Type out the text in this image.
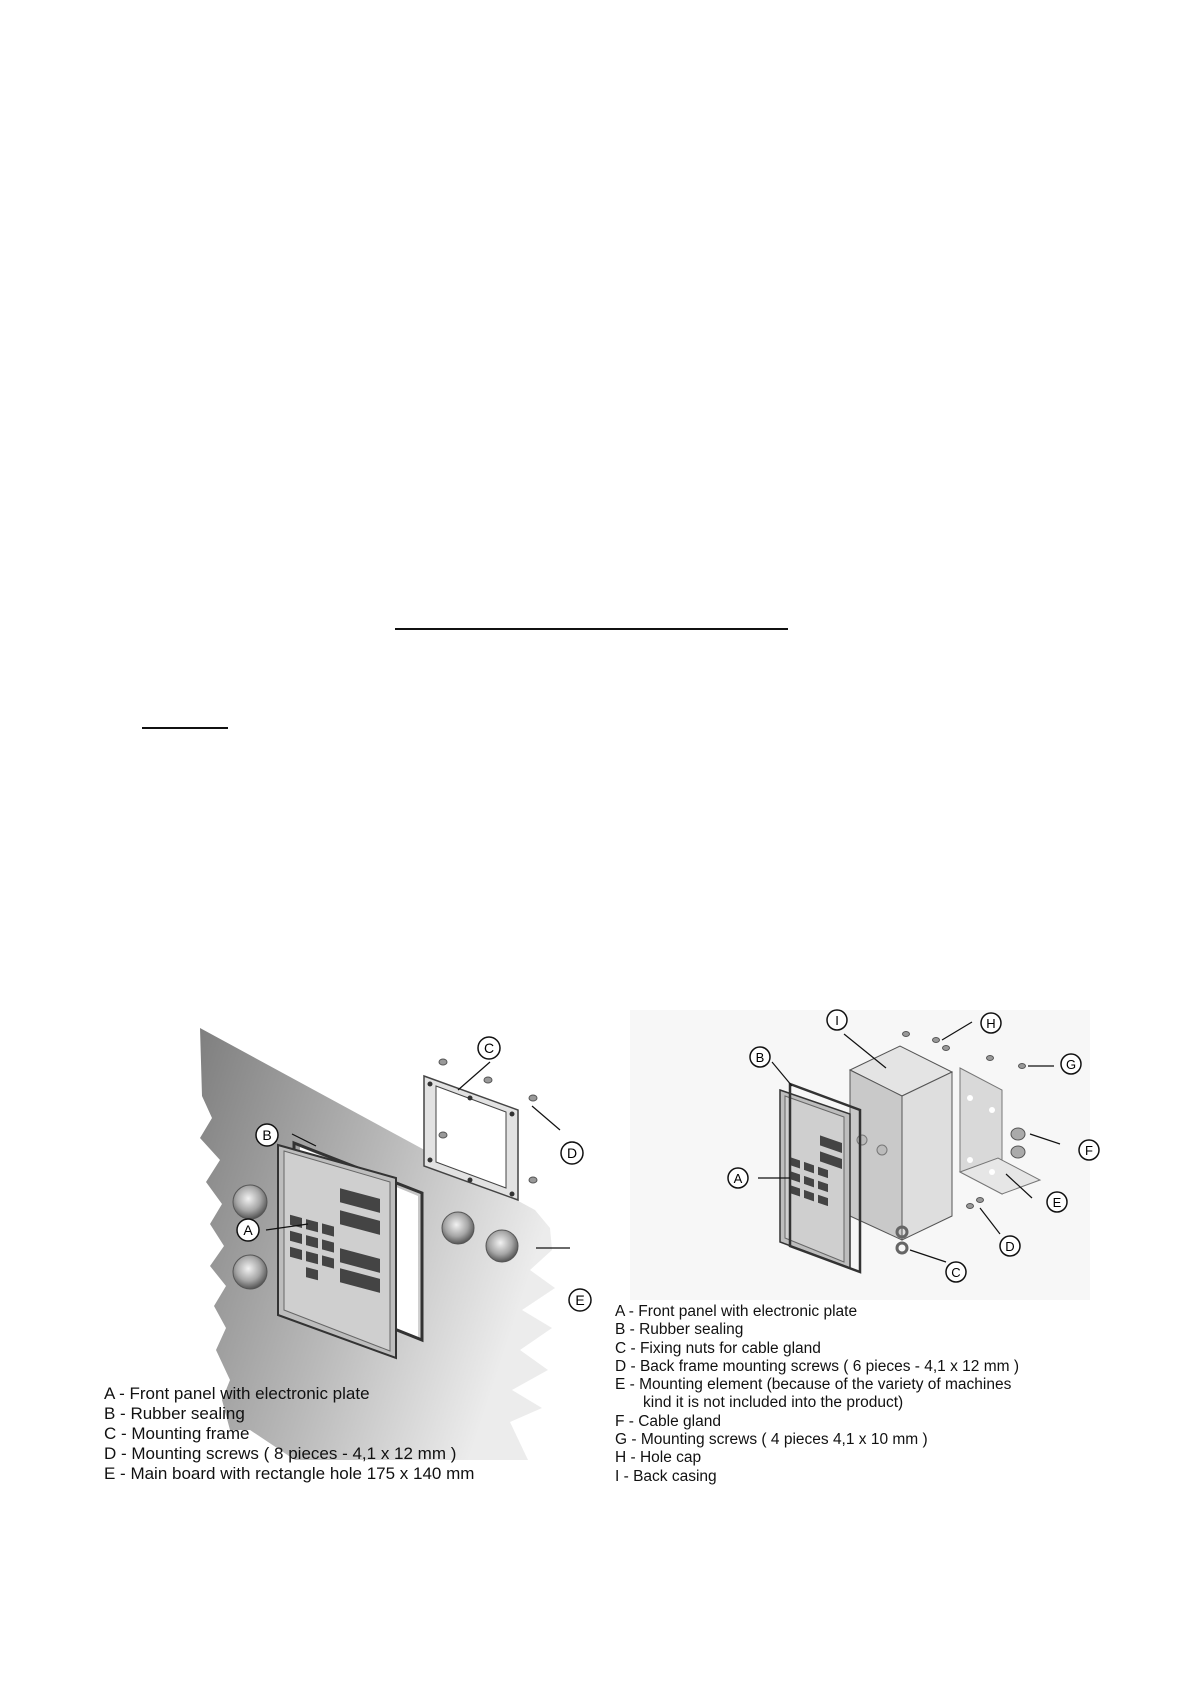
A
B
C
D
E
I	H
B	G
F
A
E
D
C
A - Front panel with electronic plate
B - Rubber sealing
C - Mounting frame
D - Mounting screws ( 8 pieces - 4,1 x 12 mm )
E - Main board with rectangle hole 175 x 140 mm
A - Front panel with electronic plate
B - Rubber sealing
C - Fixing nuts for cable gland
D - Back frame mounting screws ( 6 pieces - 4,1 x 12 mm )
E - Mounting element (because of the variety of machines
kind it is not included into the product)
F - Cable gland
G - Mounting screws ( 4 pieces 4,1 x 10 mm )
H - Hole cap
I - Back casing
